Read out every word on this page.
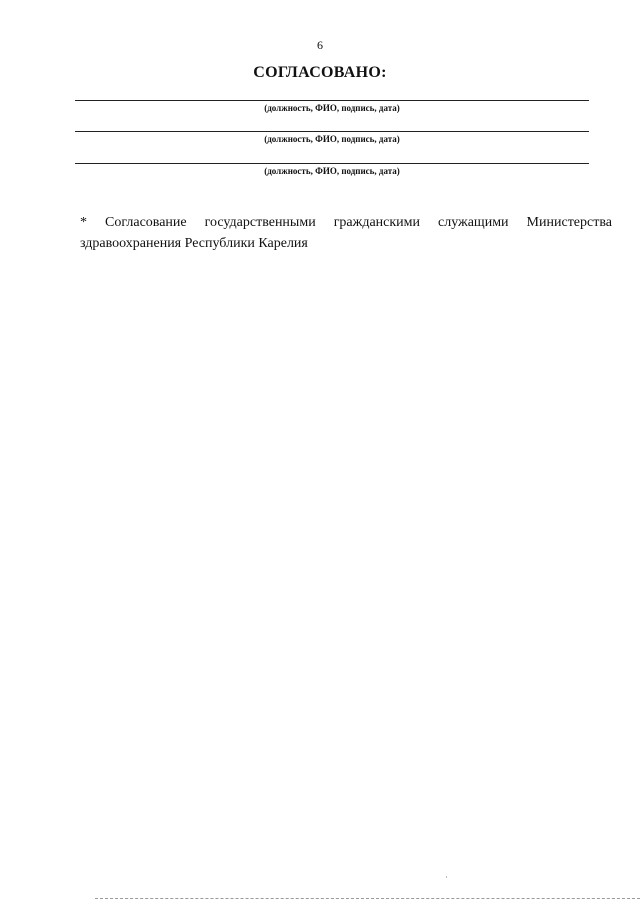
6
СОГЛАСОВАНО:
(должность, ФИО, подпись, дата)
(должность, ФИО, подпись, дата)
(должность, ФИО, подпись, дата)
* Согласование государственными гражданскими служащими Министерства здравоохранения Республики Карелия
